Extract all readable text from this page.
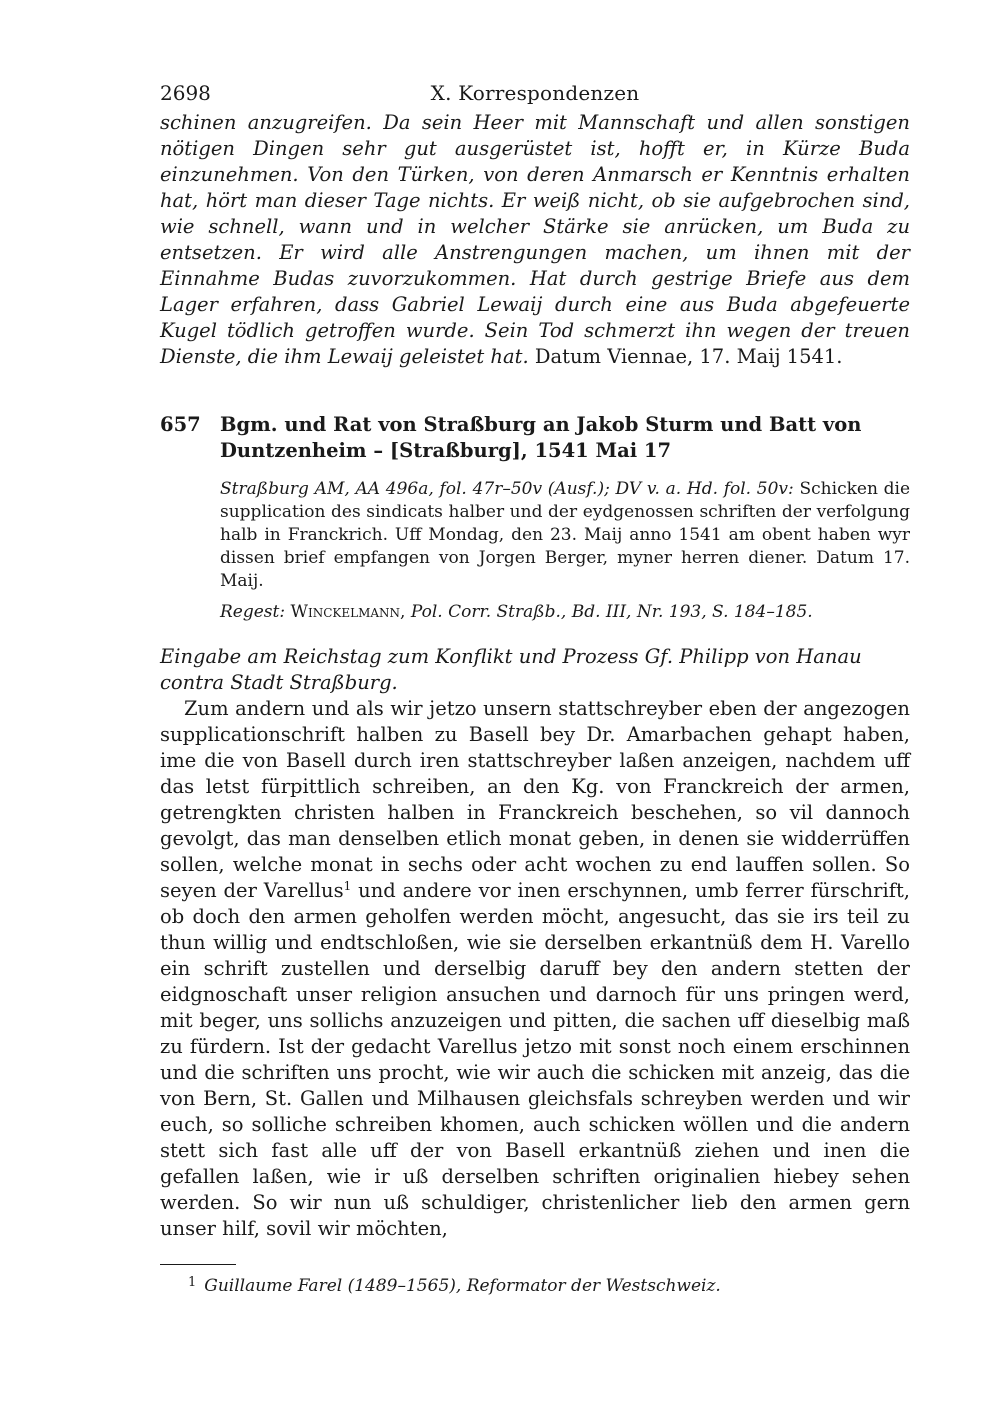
2698	X. Korrespondenzen

schinen anzugreifen. Da sein Heer mit Mannschaft und allen sonstigen nötigen Dingen sehr gut ausgerüstet ist, hofft er, in Kürze Buda einzunehmen. Von den Türken, von deren Anmarsch er Kenntnis erhalten hat, hört man dieser Tage nichts. Er weiß nicht, ob sie aufgebrochen sind, wie schnell, wann und in welcher Stärke sie anrücken, um Buda zu entsetzen. Er wird alle Anstrengungen machen, um ihnen mit der Einnahme Budas zuvorzukommen. Hat durch gestrige Briefe aus dem Lager erfahren, dass Gabriel Lewaij durch eine aus Buda abgefeuerte Kugel tödlich getroffen wurde. Sein Tod schmerzt ihn wegen der treuen Dienste, die ihm Lewaij geleistet hat. Datum Viennae, 17. Maij 1541.

657 Bgm. und Rat von Straßburg an Jakob Sturm und Batt von Duntzenheim – [Straßburg], 1541 Mai 17

Straßburg AM, AA 496a, fol. 47r–50v (Ausf.); DV v. a. Hd. fol. 50v: Schicken die supplication des sindicats halber und der eydgenossen schriften der verfolgung halb in Franckrich. Uff Mondag, den 23. Maij anno 1541 am obent haben wyr dissen brief empfangen von Jorgen Berger, myner herren diener. Datum 17. Maij.

Regest: Winckelmann, Pol. Corr. Straßb., Bd. III, Nr. 193, S. 184–185.

Eingabe am Reichstag zum Konflikt und Prozess Gf. Philipp von Hanau contra Stadt Straßburg.

Zum andern und als wir jetzo unsern stattschreyber eben der angezogen supplicationschrift halben zu Basell bey Dr. Amarbachen gehapt haben, ime die von Basell durch iren stattschreyber laßen anzeigen, nachdem uff das letst fürpittlich schreiben, an den Kg. von Franckreich der armen, getrengkten christen halben in Franckreich beschehen, so vil dannoch gevolgt, das man denselben etlich monat geben, in denen sie widderrüffen sollen, welche monat in sechs oder acht wochen zu end lauffen sollen. So seyen der Varellus$^1$ und andere vor inen erschynnen, umb ferrer fürschrift, ob doch den armen geholfen werden möcht, angesucht, das sie irs teil zu thun willig und endtschloßen, wie sie derselben erkantnüß dem H. Varello ein schrift zustellen und derselbig daruff bey den andern stetten der eidgnoschaft unser religion ansuchen und darnoch für uns pringen werd, mit beger, uns sollichs anzuzeigen und pitten, die sachen uff dieselbig maß zu fürdern. Ist der gedacht Varellus jetzo mit sonst noch einem erschinnen und die schriften uns procht, wie wir auch die schicken mit anzeig, das die von Bern, St. Gallen und Milhausen gleichsfals schreyben werden und wir euch, so solliche schreiben khomen, auch schicken wöllen und die andern stett sich fast alle uff der von Basell erkantnüß ziehen und inen die gefallen laßen, wie ir uß derselben schriften originalien hiebey sehen werden. So wir nun uß schuldiger, christenlicher lieb den armen gern unser hilf, sovil wir möchten,

$^1$ Guillaume Farel (1489–1565), Reformator der Westschweiz.
